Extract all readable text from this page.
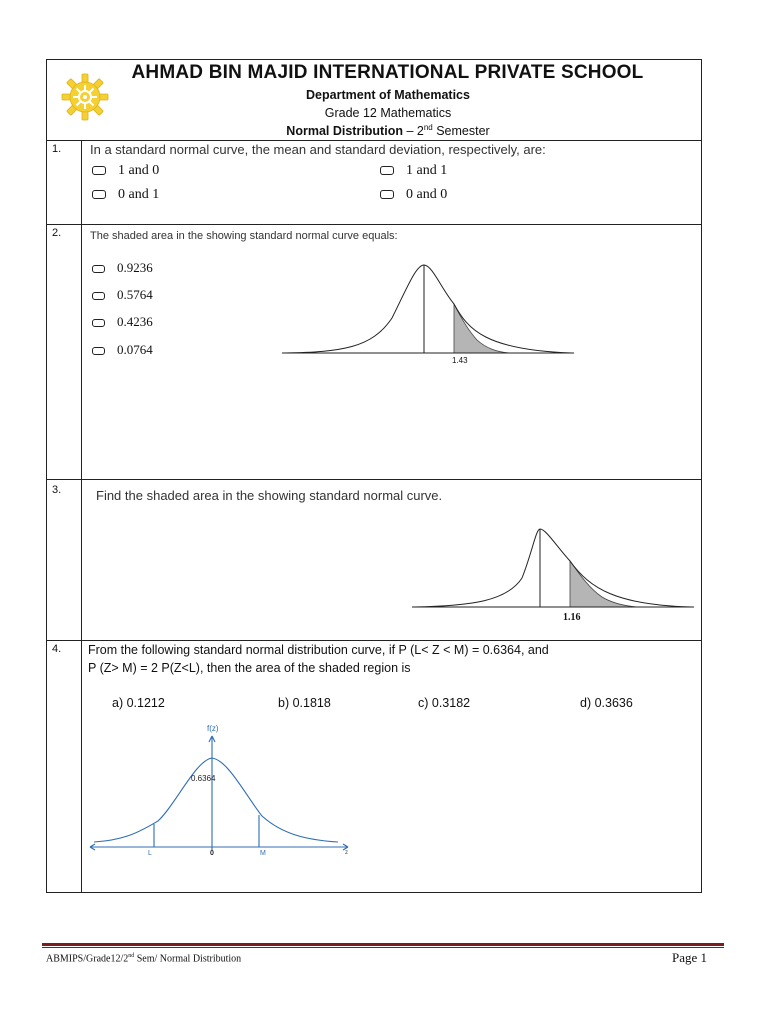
AHMAD BIN MAJID INTERNATIONAL PRIVATE SCHOOL
Department of Mathematics
Grade 12 Mathematics
Normal Distribution – 2nd Semester
1. In a standard normal curve, the mean and standard deviation, respectively, are:
1 and 0	1 and 1
0 and 1	0 and 0
2.	The shaded area in the showing standard normal curve equals:
0.9236
0.5764
0.4236
0.0764
1.43
3.	Find the shaded area in the showing standard normal curve.
1.16
4. From the following standard normal distribution curve, if P (L< Z < M) = 0.6364, and
P (Z> M) = 2 P(Z<L), then the area of the shaded region is
a) 0.1212	b) 0.1818	c) 0.3182	d) 0.3636
f(z)
0.6364
L	0	M	z
ABMIPS/Grade12/2nd Sem/ Normal Distribution	Page 1
